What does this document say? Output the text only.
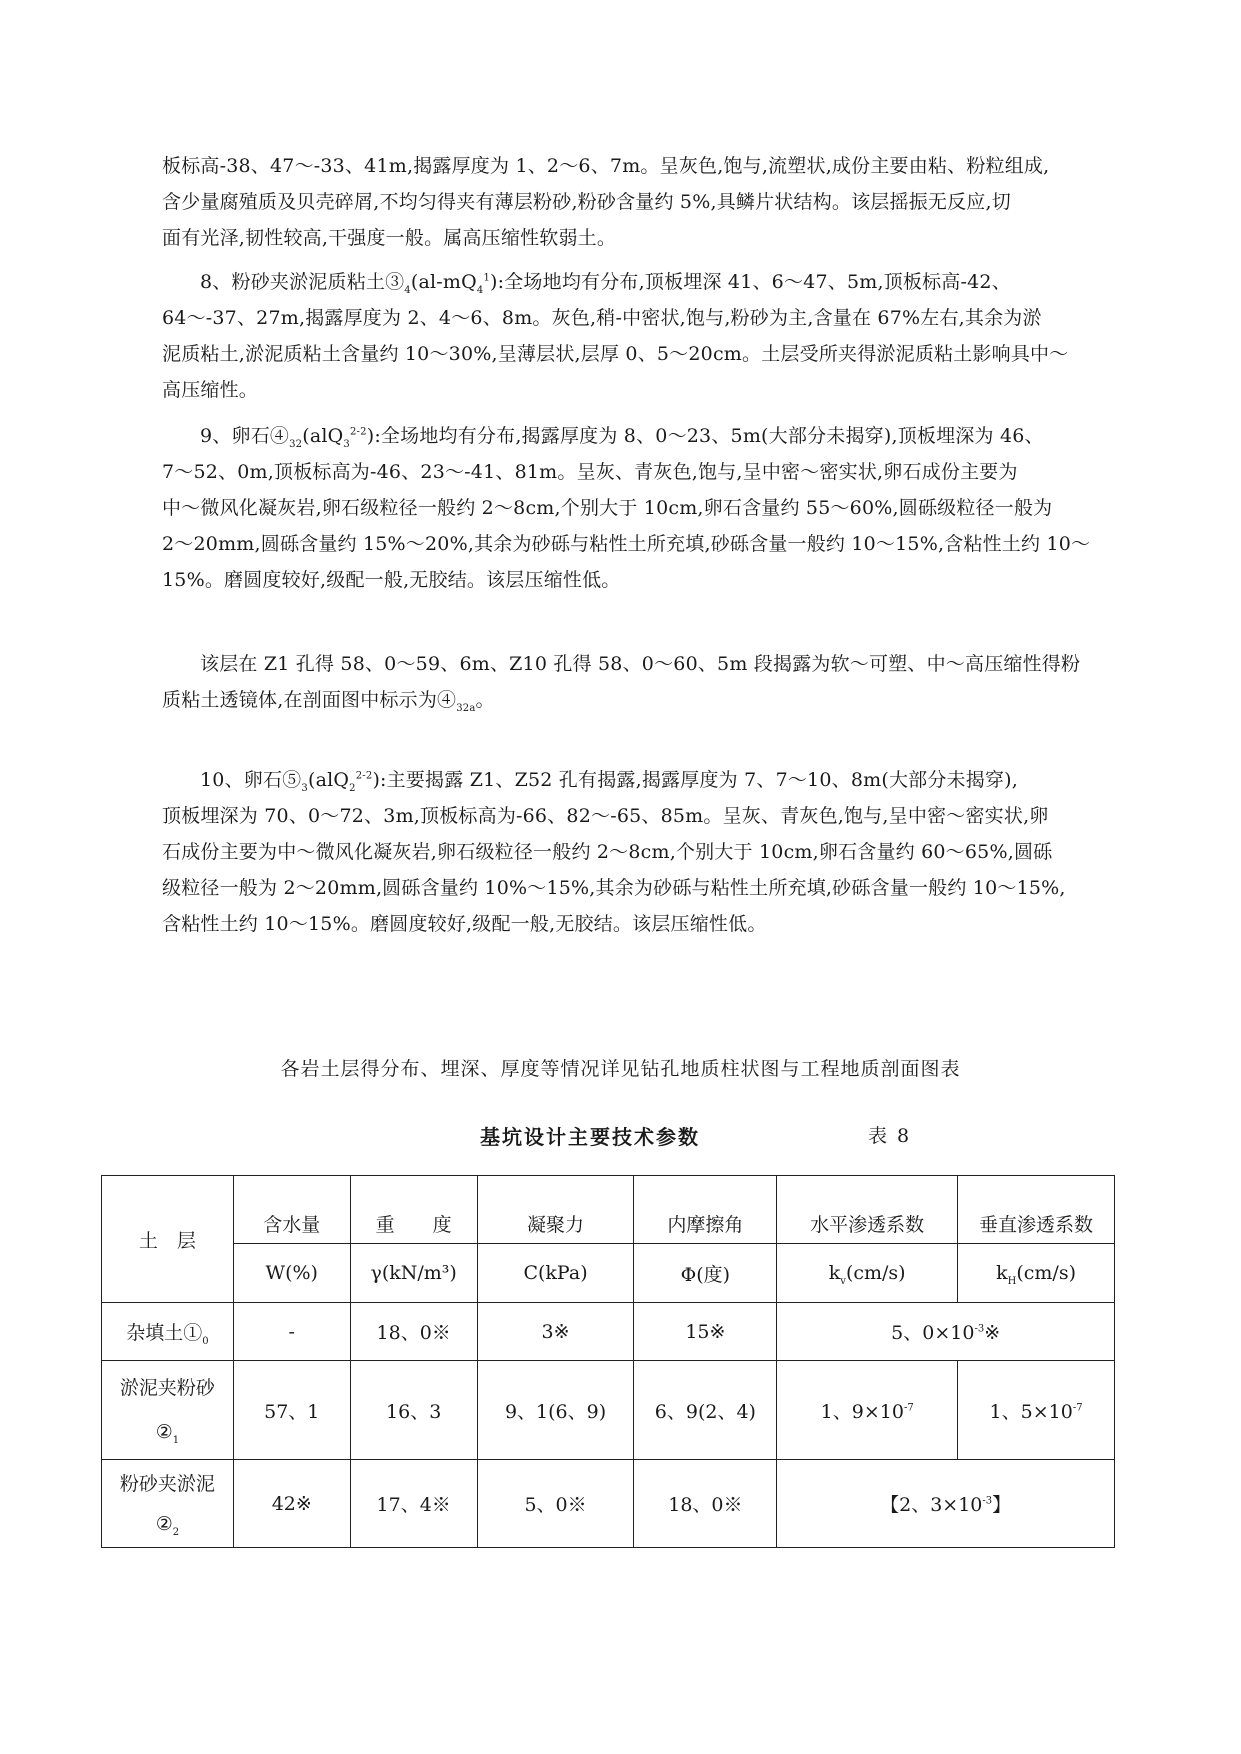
板标高-38、47～-33、41m,揭露厚度为 1、2～6、7m。呈灰色,饱与,流塑状,成份主要由粘、粉粒组成,
含少量腐殖质及贝壳碎屑,不均匀得夹有薄层粉砂,粉砂含量约 5%,具鳞片状结构。该层摇振无反应,切
面有光泽,韧性较高,干强度一般。属高压缩性软弱土。
8、粉砂夹淤泥质粘土$③_4(al-mQ_4^1)$:全场地均有分布,顶板埋深 41、6～47、5m,顶板标高-42、
64～-37、27m,揭露厚度为 2、4～6、8m。灰色,稍-中密状,饱与,粉砂为主,含量在 67%左右,其余为淤
泥质粘土,淤泥质粘土含量约 10～30%,呈薄层状,层厚 0、5～20cm。土层受所夹得淤泥质粘土影响具中～
高压缩性。
9、卵石$④_{32}(alQ_3^{2-2})$:全场地均有分布,揭露厚度为 8、0～23、5m(大部分未揭穿),顶板埋深为 46、
7～52、0m,顶板标高为-46、23～-41、81m。呈灰、青灰色,饱与,呈中密～密实状,卵石成份主要为
中～微风化凝灰岩,卵石级粒径一般约 2～8cm,个别大于 10cm,卵石含量约 55～60%,圆砾级粒径一般为
2～20mm,圆砾含量约 15%～20%,其余为砂砾与粘性土所充填,砂砾含量一般约 10～15%,含粘性土约 10～
15%。磨圆度较好,级配一般,无胶结。该层压缩性低。
该层在 Z1 孔得 58、0～59、6m、Z10 孔得 58、0～60、5m 段揭露为软～可塑、中～高压缩性得粉
质粘土透镜体,在剖面图中标示为$④_{32a}$。
10、卵石$⑤_3(alQ_2^{2-2})$:主要揭露 Z1、Z52 孔有揭露,揭露厚度为 7、7～10、8m(大部分未揭穿),
顶板埋深为 70、0～72、3m,顶板标高为-66、82～-65、85m。呈灰、青灰色,饱与,呈中密～密实状,卵
石成份主要为中～微风化凝灰岩,卵石级粒径一般约 2～8cm,个别大于 10cm,卵石含量约 60～65%,圆砾
级粒径一般为 2～20mm,圆砾含量约 10%～15%,其余为砂砾与粘性土所充填,砂砾含量一般约 10～15%,
含粘性土约 10～15%。磨圆度较好,级配一般,无胶结。该层压缩性低。
各岩土层得分布、埋深、厚度等情况详见钻孔地质柱状图与工程地质剖面图表
基坑设计主要技术参数	表 8
土　层	含水量	重　　度	凝聚力	内摩擦角	水平渗透系数	垂直渗透系数
	W(%)	γ(kN/m³)	C(kPa)	Φ(度)	$k_v(cm/s)$	$k_H(cm/s)$
杂填土$①_0$	-	18、0※	3※	15※	5、$0\times 10^{-3}※$	

淤泥夹粉砂
$②_1$	57、1	16、3	9、1(6、9)	6、9(2、4)	1、$9\times 10^{-7}$	1、$5\times 10^{-7}$

粉砂夹淤泥
$②_2$	42※	17、4※	5、0※	18、0※	【2、$3\times 10^{-3}$】	
